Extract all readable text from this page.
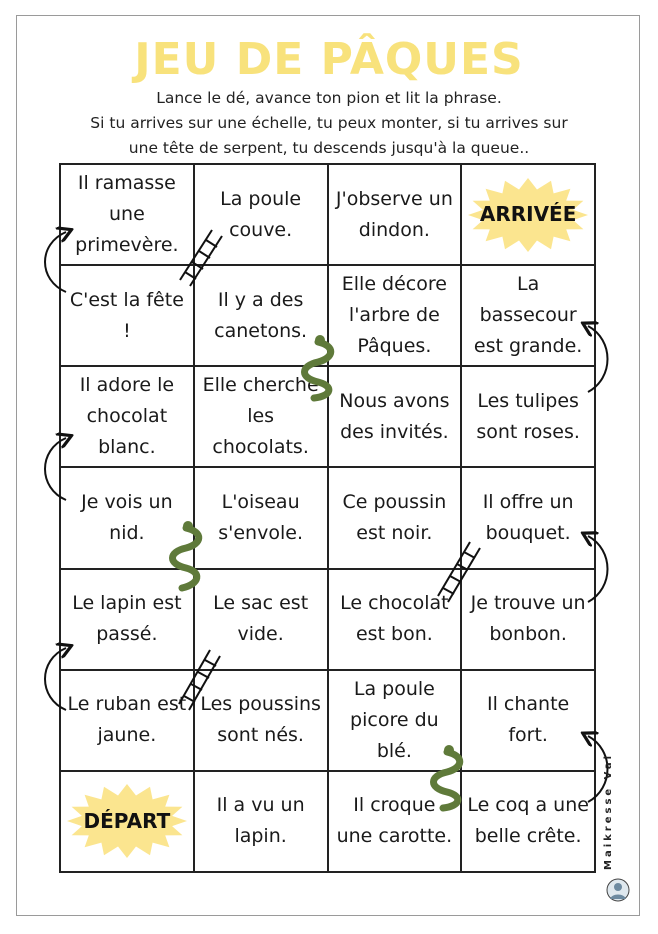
JEU DE PÂQUES
Lance le dé, avance ton pion et lit la phrase.
Si tu arrives sur une échelle, tu peux monter, si tu arrives sur
une tête de serpent, tu descends jusqu'à la queue..
Il ramasse une primevère.
La poule couve.
J'observe un dindon.
ARRIVÉE
C'est la fête !
Il y a des canetons.
Elle décore l'arbre de Pâques.
La bassecour est grande.
Il adore le chocolat blanc.
Elle cherche les chocolats.
Nous avons des invités.
Les tulipes sont roses.
Je vois un nid.
L'oiseau s'envole.
Ce poussin est noir.
Il offre un bouquet.
Le lapin est passé.
Le sac est vide.
Le chocolat est bon.
Je trouve un bonbon.
Le ruban est jaune.
Les poussins sont nés.
La poule picore du blé.
Il chante fort.
DÉPART
Il a vu un lapin.
Il croque une carotte.
Le coq a une belle crête.	Maikresse Val
